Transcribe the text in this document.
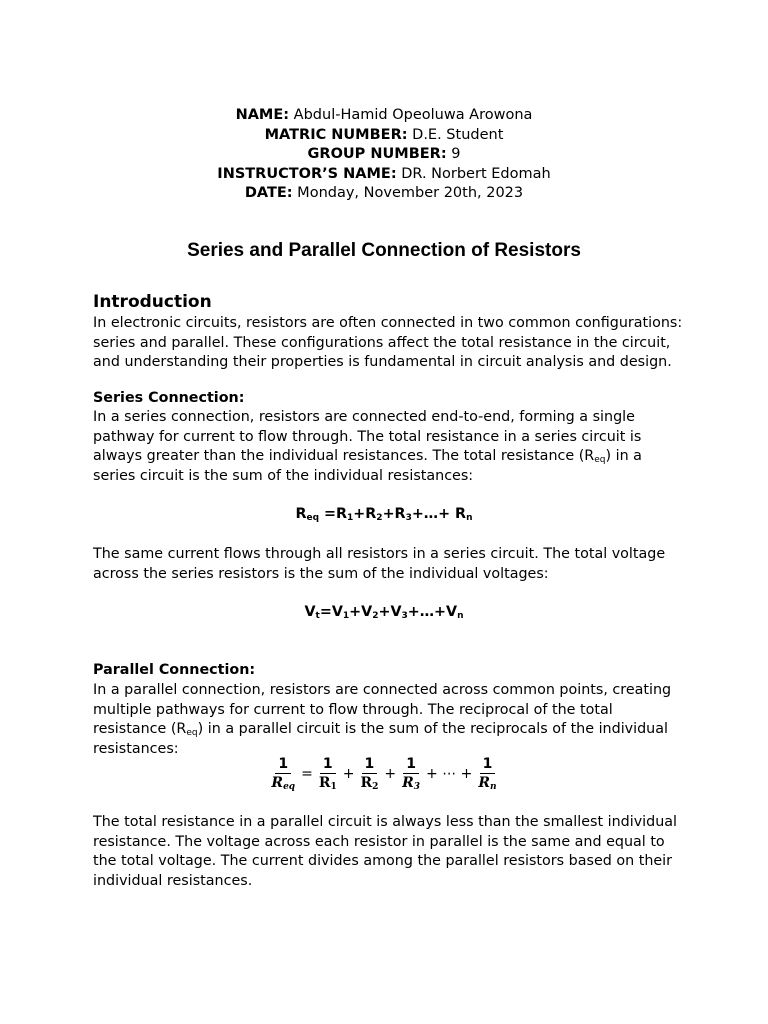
NAME: Abdul-Hamid Opeoluwa Arowona
MATRIC NUMBER: D.E. Student
GROUP NUMBER: 9
INSTRUCTOR’S NAME: DR. Norbert Edomah
DATE: Monday, November 20th, 2023
Series and Parallel Connection of Resistors
Introduction
In electronic circuits, resistors are often connected in two common configurations: series and parallel. These configurations affect the total resistance in the circuit, and understanding their properties is fundamental in circuit analysis and design.
Series Connection:
In a series connection, resistors are connected end-to-end, forming a single pathway for current to flow through. The total resistance in a series circuit is always greater than the individual resistances. The total resistance $(R_{eq})$ in a series circuit is the sum of the individual resistances:
$R_{eq}$ $=R_1+R_2+R_3+\dots+ R_n$
The same current flows through all resistors in a series circuit. The total voltage across the series resistors is the sum of the individual voltages:
$V_t=V_1+V_2+V_3+\dots+V_n$
Parallel Connection:
In a parallel connection, resistors are connected across common points, creating multiple pathways for current to flow through. The reciprocal of the total resistance $(R_{eq})$ in a parallel circuit is the sum of the reciprocals of the individual resistances:
$\frac{1}{R_{eq}} = \frac{1}{R_1} + \frac{1}{R_2} + \frac{1}{R_3}$ + ⋯ + $\frac{1}{R_n}$
The total resistance in a parallel circuit is always less than the smallest individual resistance. The voltage across each resistor in parallel is the same and equal to the total voltage. The current divides among the parallel resistors based on their individual resistances.
